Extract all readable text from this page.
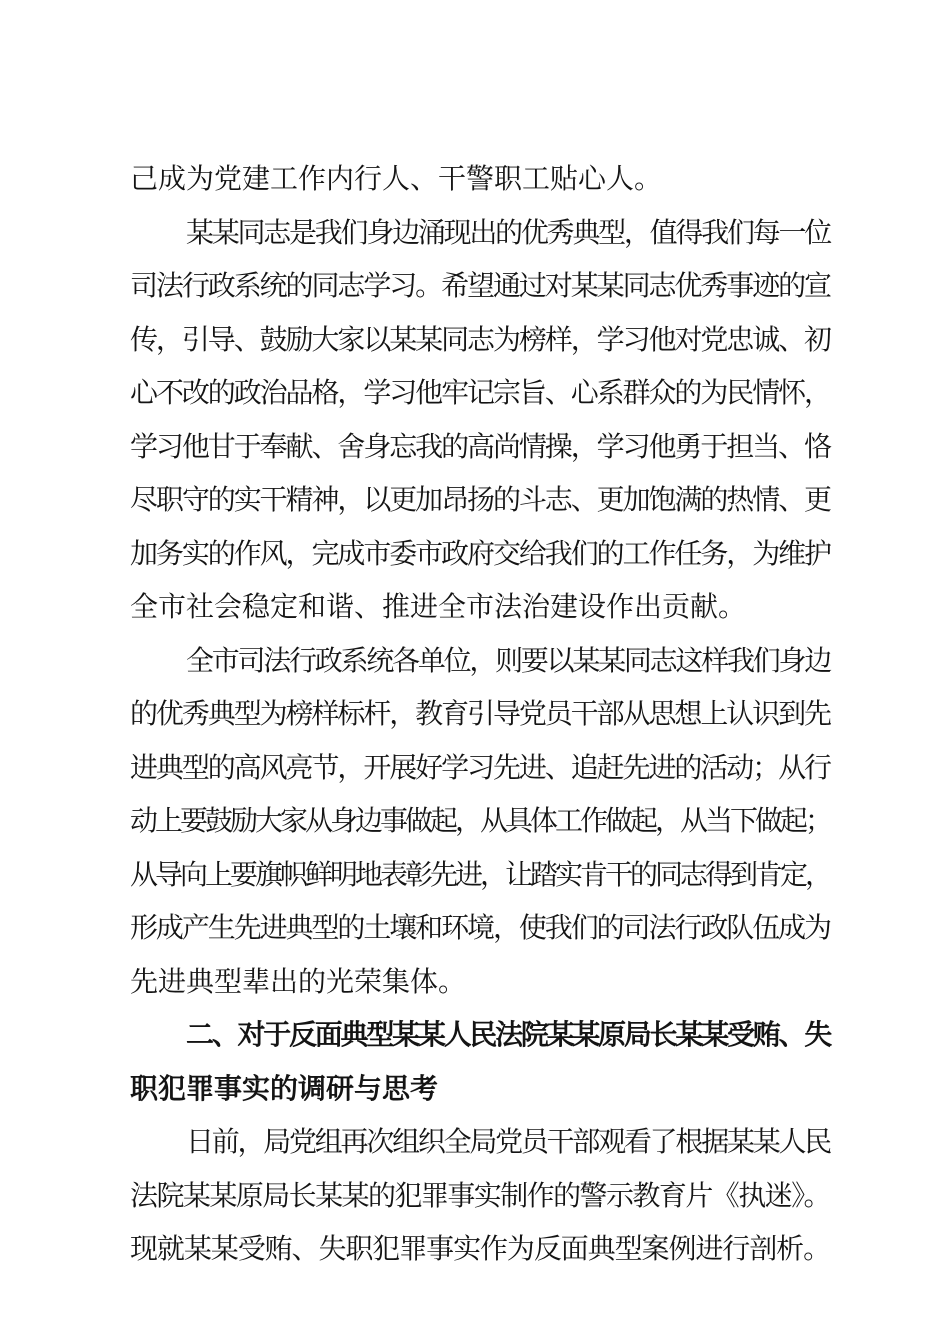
己成为党建工作内行人、干警职工贴心人。
某某同志是我们身边涌现出的优秀典型，值得我们每一位
司法行政系统的同志学习。希望通过对某某同志优秀事迹的宣
传，引导、鼓励大家以某某同志为榜样，学习他对党忠诚、初
心不改的政治品格，学习他牢记宗旨、心系群众的为民情怀，
学习他甘于奉献、舍身忘我的高尚情操，学习他勇于担当、恪
尽职守的实干精神，以更加昂扬的斗志、更加饱满的热情、更
加务实的作风，完成市委市政府交给我们的工作任务，为维护
全市社会稳定和谐、推进全市法治建设作出贡献。
全市司法行政系统各单位，则要以某某同志这样我们身边
的优秀典型为榜样标杆，教育引导党员干部从思想上认识到先
进典型的高风亮节，开展好学习先进、追赶先进的活动；从行
动上要鼓励大家从身边事做起，从具体工作做起，从当下做起；
从导向上要旗帜鲜明地表彰先进，让踏实肯干的同志得到肯定，
形成产生先进典型的土壤和环境，使我们的司法行政队伍成为
先进典型辈出的光荣集体。
二、对于反面典型某某人民法院某某原局长某某受贿、失
职犯罪事实的调研与思考
日前，局党组再次组织全局党员干部观看了根据某某人民
法院某某原局长某某的犯罪事实制作的警示教育片《执迷》。
现就某某受贿、失职犯罪事实作为反面典型案例进行剖析。
